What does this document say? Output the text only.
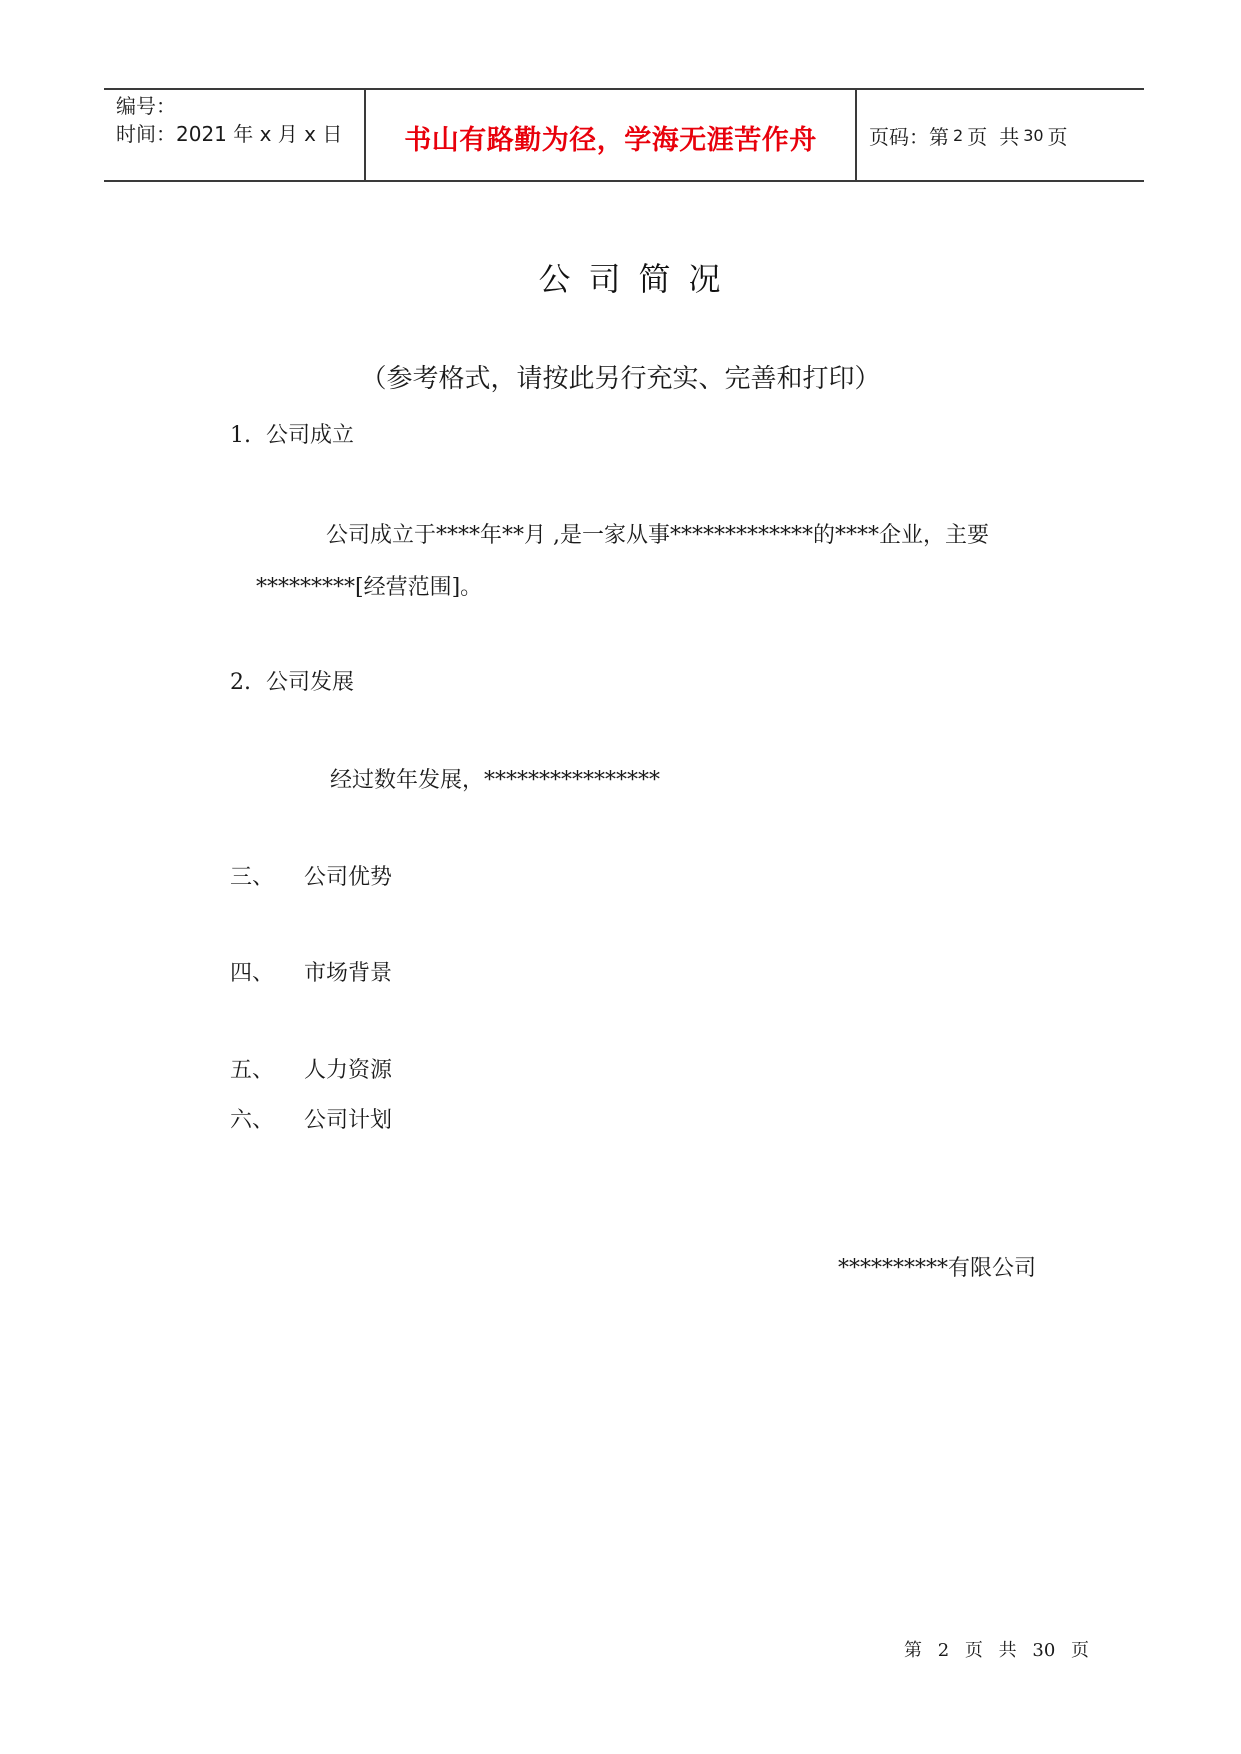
编号：
时间：2021 年 x 月 x 日	书山有路勤为径，学海无涯苦作舟	页码：第 2 页 共 30 页
公司简况
（参考格式，请按此另行充实、完善和打印）
1. 公司成立
公司成立于****年**月 ,是一家从事*************的****企业，主要
*********[经营范围]。
2. 公司发展
经过数年发展，****************
三、 公司优势
四、 市场背景
五、 人力资源
六、 公司计划
**********有限公司
第 2 页 共 30 页
